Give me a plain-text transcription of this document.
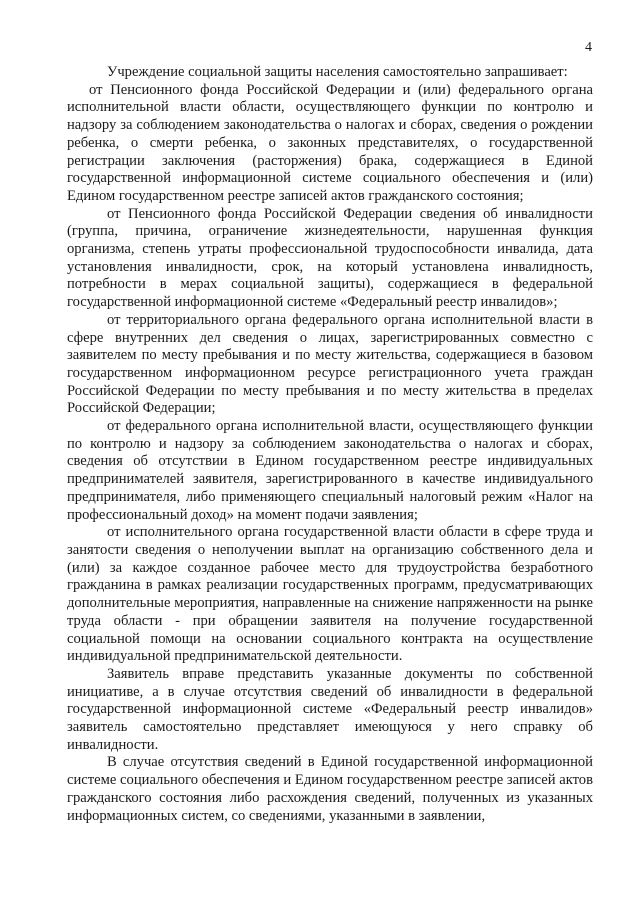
4

Учреждение социальной защиты населения самостоятельно запрашивает:

от Пенсионного фонда Российской Федерации и (или) федерального органа исполнительной власти области, осуществляющего функции по контролю и надзору за соблюдением законодательства о налогах и сборах, сведения о рождении ребенка, о смерти ребенка, о законных представителях, о государственной регистрации заключения (расторжения) брака, содержащиеся в Единой государственной информационной системе социального обеспечения и (или) Едином государственном реестре записей актов гражданского состояния;

от Пенсионного фонда Российской Федерации сведения об инвалидности (группа, причина, ограничение жизнедеятельности, нарушенная функция организма, степень утраты профессиональной трудоспособности инвалида, дата установления инвалидности, срок, на который установлена инвалидность, потребности в мерах социальной защиты), содержащиеся в федеральной государственной информационной системе «Федеральный реестр инвалидов»;

от территориального органа федерального органа исполнительной власти в сфере внутренних дел сведения о лицах, зарегистрированных совместно с заявителем по месту пребывания и по месту жительства, содержащиеся в базовом государственном информационном ресурсе регистрационного учета граждан Российской Федерации по месту пребывания и по месту жительства в пределах Российской Федерации;

от федерального органа исполнительной власти, осуществляющего функции по контролю и надзору за соблюдением законодательства о налогах и сборах, сведения об отсутствии в Едином государственном реестре индивидуальных предпринимателей заявителя, зарегистрированного в качестве индивидуального предпринимателя, либо применяющего специальный налоговый режим «Налог на профессиональный доход» на момент подачи заявления;

от исполнительного органа государственной власти области в сфере труда и занятости сведения о неполучении выплат на организацию собственного дела и (или) за каждое созданное рабочее место для трудоустройства безработного гражданина в рамках реализации государственных программ, предусматривающих дополнительные мероприятия, направленные на снижение напряженности на рынке труда области - при обращении заявителя на получение государственной социальной помощи на основании социального контракта на осуществление индивидуальной предпринимательской деятельности.

Заявитель вправе представить указанные документы по собственной инициативе, а в случае отсутствия сведений об инвалидности в федеральной государственной информационной системе «Федеральный реестр инвалидов» заявитель самостоятельно представляет имеющуюся у него справку об инвалидности.

В случае отсутствия сведений в Единой государственной информационной системе социального обеспечения и Едином государственном реестре записей актов гражданского состояния либо расхождения сведений, полученных из указанных информационных систем, со сведениями, указанными в заявлении,
